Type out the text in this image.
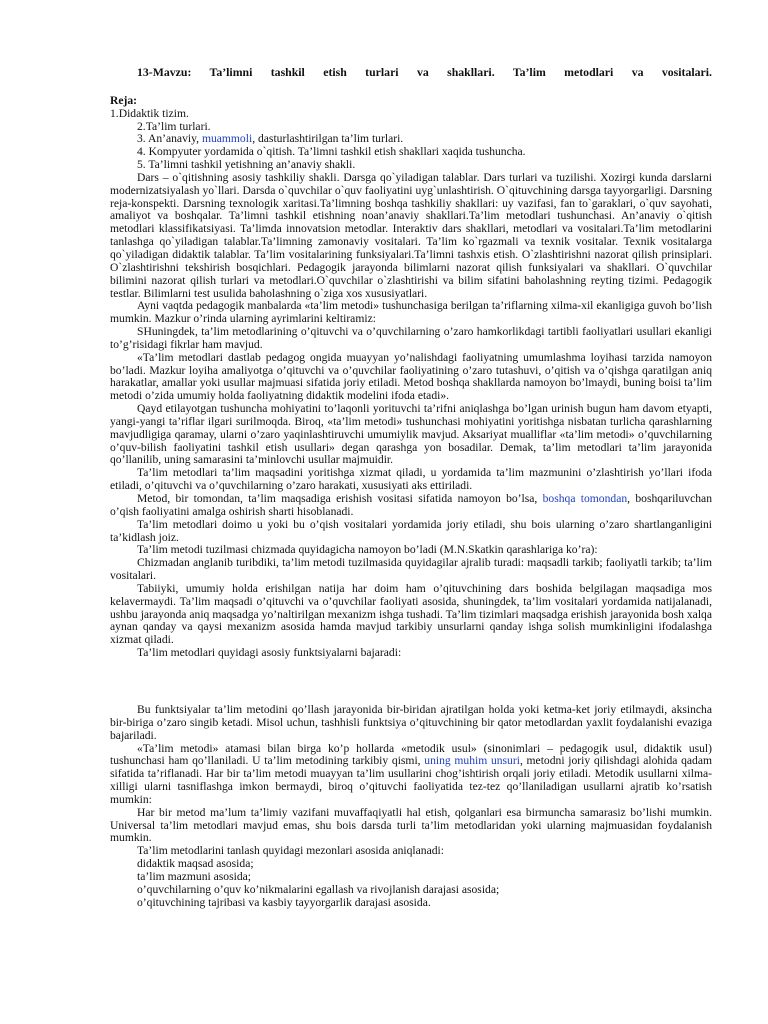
13-Mavzu: Ta’limni tashkil etish turlari va shakllari. Ta’lim metodlari va vositalari.
Reja:
1.Didaktik tizim.
2.Ta’lim turlari.
3. An’anaviy, muammoli, dasturlashtirilgan ta’lim turlari.
4. Kompyuter yordamida o`qitish. Ta’limni tashkil etish shakllari xaqida tushuncha.
5. Ta’limni tashkil yetishning an’anaviy shakli.

Dars – o`qitishning asosiy tashkiliy shakli. Darsga qo`yiladigan talablar. Dars turlari va tuzilishi. Xozirgi kunda darslarni modernizatsiyalash yo`llari. Darsda o`quvchilar o`quv faoliyatini uyg`unlashtirish. O`qituvchining darsga tayyorgarligi. Darsning reja-konspekti. Darsning texnologik xaritasi.Ta’limning boshqa tashkiliy shakllari: uy vazifasi, fan to`garaklari, o`quv sayohati, amaliyot va boshqalar. Ta’limni tashkil etishning noan’anaviy shakllari.Ta’lim metodlari tushunchasi. An’anaviy o`qitish metodlari klassifikatsiyasi. Ta’limda innovatsion metodlar. Interaktiv dars shakllari, metodlari va vositalari.Ta’lim metodlarini tanlashga qo`yiladigan talablar.Ta’limning zamonaviy vositalari. Ta’lim ko`rgazmali va texnik vositalar. Texnik vositalarga qo`yiladigan didaktik talablar. Ta’lim vositalarining funksiyalari.Ta’limni tashxis etish. O`zlashtirishni nazorat qilish prinsiplari. O`zlashtirishni tekshirish bosqichlari. Pedagogik jarayonda bilimlarni nazorat qilish funksiyalari va shakllari. O`quvchilar bilimini nazorat qilish turlari va metodlari.O`quvchilar o`zlashtirishi va bilim sifatini baholashning reyting tizimi. Pedagogik testlar. Bilimlarni test usulida baholashning o`ziga xos xususiyatlari.

Ayni vaqtda pedagogik manbalarda «ta’lim metodi» tushunchasiga berilgan ta’riflarning xilma-xil ekanligiga guvoh bo’lish mumkin. Mazkur o’rinda ularning ayrimlarini keltiramiz:

SHuningdek, ta’lim metodlarining o’qituvchi va o’quvchilarning o’zaro hamkorlikdagi tartibli faoliyatlari usullari ekanligi to’g’risidagi fikrlar ham mavjud.

«Ta’lim metodlari dastlab pedagog ongida muayyan yo’nalishdagi faoliyatning umumlashma loyihasi tarzida namoyon bo’ladi. Mazkur loyiha amaliyotga o’qituvchi va o’quvchilar faoliyatining o’zaro tutashuvi, o’qitish va o’qishga qaratilgan aniq harakatlar, amallar yoki usullar majmuasi sifatida joriy etiladi. Metod boshqa shakllarda namoyon bo’lmaydi, buning boisi ta’lim metodi o’zida umumiy holda faoliyatning didaktik modelini ifoda etadi».

Qayd etilayotgan tushuncha mohiyatini to’laqonli yorituvchi ta’rifni aniqlashga bo’lgan urinish bugun ham davom etyapti, yangi-yangi ta’riflar ilgari surilmoqda. Biroq, «ta’lim metodi» tushunchasi mohiyatini yoritishga nisbatan turlicha qarashlarning mavjudligiga qaramay, ularni o’zaro yaqinlashtiruvchi umumiylik mavjud. Aksariyat mualliflar «ta’lim metodi» o’quvchilarning o’quv-bilish faoliyatini tashkil etish usullari» degan qarashga yon bosadilar. Demak, ta’lim metodlari ta’lim jarayonida qo’llanilib, uning samarasini ta’minlovchi usullar majmuidir.

Ta’lim metodlari ta’lim maqsadini yoritishga xizmat qiladi, u yordamida ta’lim mazmunini o’zlashtirish yo’llari ifoda etiladi, o’qituvchi va o’quvchilarning o’zaro harakati, xususiyati aks ettiriladi.

Metod, bir tomondan, ta’lim maqsadiga erishish vositasi sifatida namoyon bo’lsa, boshqa tomondan, boshqariluvchan o’qish faoliyatini amalga oshirish sharti hisoblanadi.

Ta’lim metodlari doimo u yoki bu o’qish vositalari yordamida joriy etiladi, shu bois ularning o’zaro shartlanganligini ta’kidlash joiz.

Ta’lim metodi tuzilmasi chizmada quyidagicha namoyon bo’ladi (M.N.Skatkin qarashlariga ko’ra):

Chizmadan anglanib turibdiki, ta’lim metodi tuzilmasida quyidagilar ajralib turadi: maqsadli tarkib; faoliyatli tarkib; ta’lim vositalari.

Tabiiyki, umumiy holda erishilgan natija har doim ham o’qituvchining dars boshida belgilagan maqsadiga mos kelavermaydi. Ta’lim maqsadi o’qituvchi va o’quvchilar faoliyati asosida, shuningdek, ta’lim vositalari yordamida natijalanadi, ushbu jarayonda aniq maqsadga yo’naltirilgan mexanizm ishga tushadi. Ta’lim tizimlari maqsadga erishish jarayonida bosh xalqa aynan qanday va qaysi mexanizm asosida hamda mavjud tarkibiy unsurlarni qanday ishga solish mumkinligini ifodalashga xizmat qiladi.

Ta’lim metodlari quyidagi asosiy funktsiyalarni bajaradi:

Bu funktsiyalar ta’lim metodini qo’llash jarayonida bir-biridan ajratilgan holda yoki ketma-ket joriy etilmaydi, aksincha bir-biriga o’zaro singib ketadi. Misol uchun, tashhisli funktsiya o’qituvchining bir qator metodlardan yaxlit foydalanishi evaziga bajariladi.

«Ta’lim metodi» atamasi bilan birga ko’p hollarda «metodik usul» (sinonimlari – pedagogik usul, didaktik usul) tushunchasi ham qo’llaniladi. U ta’lim metodining tarkibiy qismi, uning muhim unsuri, metodni joriy qilishdagi alohida qadam sifatida ta’riflanadi. Har bir ta’lim metodi muayyan ta’lim usullarini chog’ishtirish orqali joriy etiladi. Metodik usullarni xilma-xilligi ularni tasniflashga imkon bermaydi, biroq o’qituvchi faoliyatida tez-tez qo’llaniladigan usullarni ajratib ko’rsatish mumkin:

Har bir metod ma’lum ta’limiy vazifani muvaffaqiyatli hal etish, qolganlari esa birmuncha samarasiz bo’lishi mumkin. Universal ta’lim metodlari mavjud emas, shu bois darsda turli ta’lim metodlaridan yoki ularning majmuasidan foydalanish mumkin.

Ta’lim metodlarini tanlash quyidagi mezonlari asosida aniqlanadi:

didaktik maqsad asosida;
ta’lim mazmuni asosida;
o’quvchilarning o’quv ko’nikmalarini egallash va rivojlanish darajasi asosida;
o’qituvchining tajribasi va kasbiy tayyorgarlik darajasi asosida.
